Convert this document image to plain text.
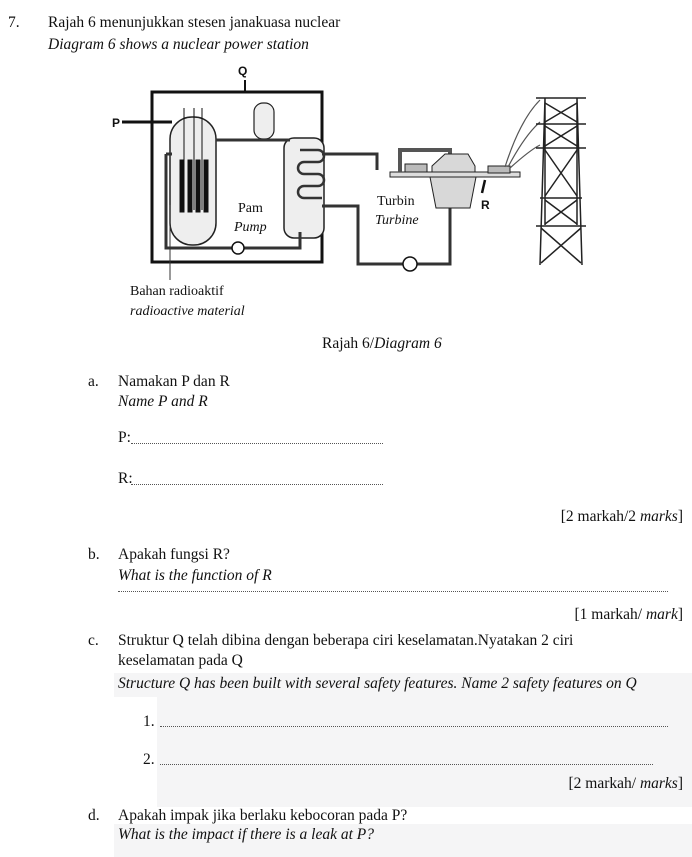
7. Rajah 6 menunjukkan stesen janakuasa nuclear
Diagram 6 shows a nuclear power station
Q
P
R
Pam
Pump
Turbin
Turbine
Bahan radioaktif
radioactive material
Rajah 6/Diagram 6
a. Namakan P dan R
Name P and R
P:
R:
[2 markah/2 marks]
b. Apakah fungsi R?
What is the function of R
[1 markah/ mark]
c. Struktur Q telah dibina dengan beberapa ciri keselamatan.Nyatakan 2 ciri
keselamatan pada Q
Structure Q has been built with several safety features. Name 2 safety features on Q
1.
2.
[2 markah/ marks]
d. Apakah impak jika berlaku kebocoran pada P?
What is the impact if there is a leak at P?
